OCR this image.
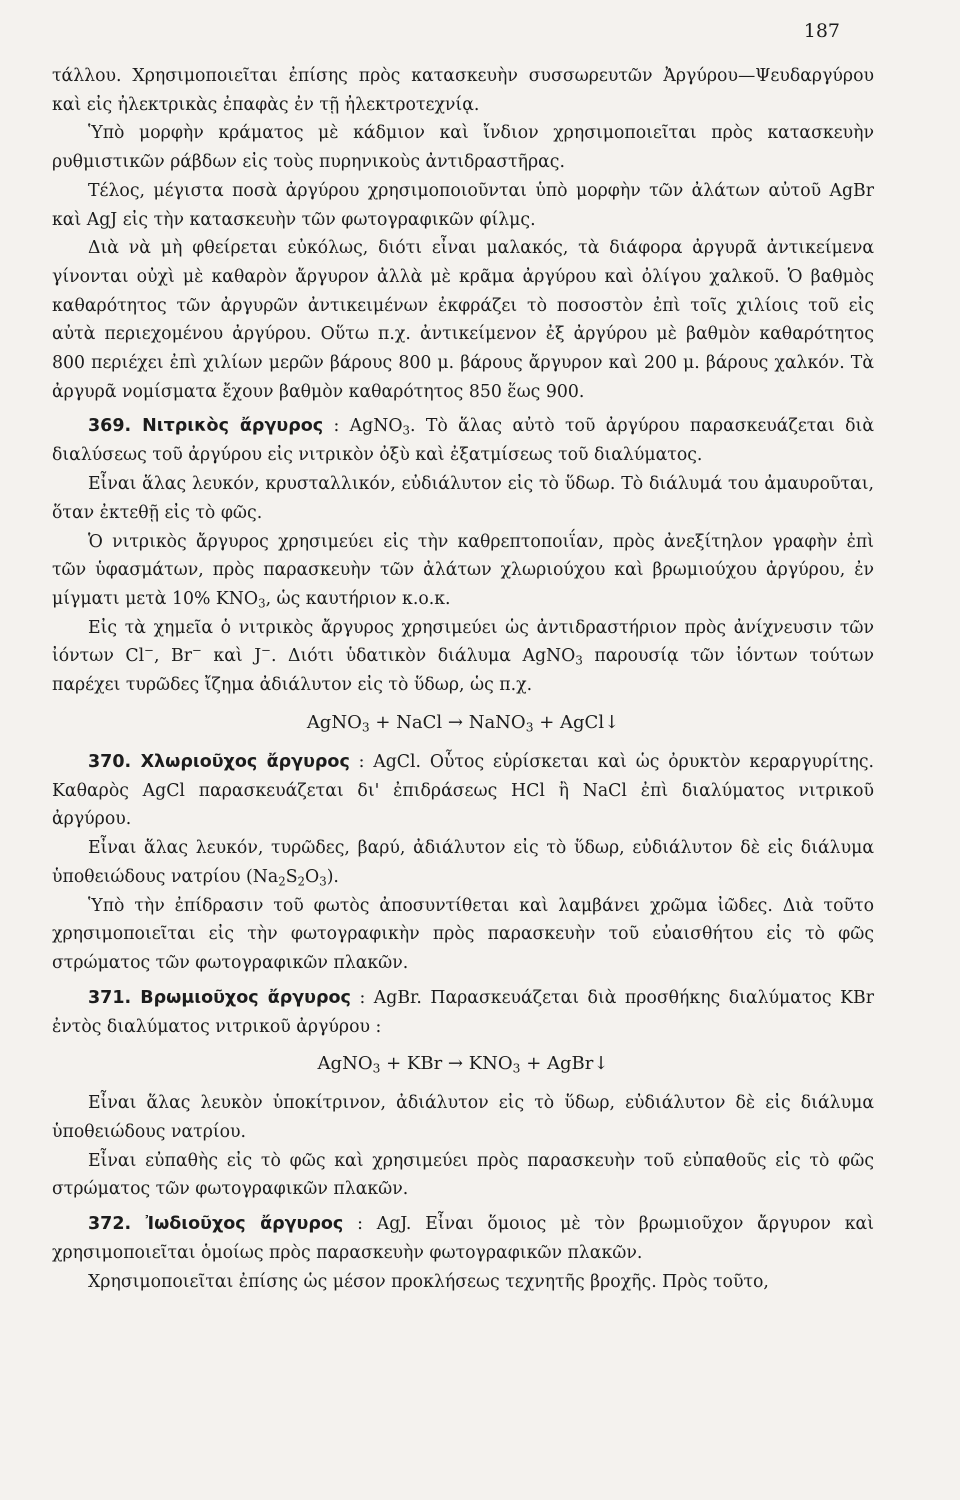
187

τάλλου. Χρησιμοποιεῖται ἐπίσης πρὸς κατασκευὴν συσσωρευτῶν Ἀργύρου—Ψευδαργύρου καὶ εἰς ἠλεκτρικὰς ἐπαφὰς ἐν τῇ ἠλεκτροτεχνίᾳ.

Ὑπὸ μορφὴν κράματος μὲ κάδμιον καὶ ἴνδιον χρησιμοποιεῖται πρὸς κατασκευὴν ρυθμιστικῶν ράβδων εἰς τοὺς πυρηνικοὺς ἀντιδραστῆρας.

Τέλος, μέγιστα ποσὰ ἀργύρου χρησιμοποιοῦνται ὑπὸ μορφὴν τῶν ἀλάτων αὐτοῦ AgBr καὶ AgJ εἰς τὴν κατασκευὴν τῶν φωτογραφικῶν φίλμς.

Διὰ νὰ μὴ φθείρεται εὐκόλως, διότι εἶναι μαλακός, τὰ διάφορα ἀργυρᾶ ἀντικείμενα γίνονται οὐχὶ μὲ καθαρὸν ἄργυρον ἀλλὰ μὲ κρᾶμα ἀργύρου καὶ ὀλίγου χαλκοῦ. Ὁ βαθμὸς καθαρότητος τῶν ἀργυρῶν ἀντικειμένων ἐκφράζει τὸ ποσοστὸν ἐπὶ τοῖς χιλίοις τοῦ εἰς αὐτὰ περιεχομένου ἀργύρου. Οὕτω π.χ. ἀντικείμενον ἐξ ἀργύρου μὲ βαθμὸν καθαρότητος 800 περιέχει ἐπὶ χιλίων μερῶν βάρους 800 μ. βάρους ἄργυρον καὶ 200 μ. βάρους χαλκόν. Τὰ ἀργυρᾶ νομίσματα ἔχουν βαθμὸν καθαρότητος 850 ἕως 900.

369. Νιτρικὸς ἄργυρος : AgNO$_3$. Τὸ ἅλας αὐτὸ τοῦ ἀργύρου παρασκευάζεται διὰ διαλύσεως τοῦ ἀργύρου εἰς νιτρικὸν ὀξὺ καὶ ἐξατμίσεως τοῦ διαλύματος.

Εἶναι ἅλας λευκόν, κρυσταλλικόν, εὐδιάλυτον εἰς τὸ ὕδωρ. Τὸ διάλυμά του ἀμαυροῦται, ὅταν ἐκτεθῇ εἰς τὸ φῶς.

Ὁ νιτρικὸς ἄργυρος χρησιμεύει εἰς τὴν καθρεπτοποιΐαν, πρὸς ἀνεξίτηλον γραφὴν ἐπὶ τῶν ὑφασμάτων, πρὸς παρασκευὴν τῶν ἀλάτων χλωριούχου καὶ βρωμιούχου ἀργύρου, ἐν μίγματι μετὰ 10% $KNO_3$, ὡς καυτήριον κ.ο.κ.

Εἰς τὰ χημεῖα ὁ νιτρικὸς ἄργυρος χρησιμεύει ὡς ἀντιδραστήριον πρὸς ἀνίχνευσιν τῶν ἰόντων Cl−, Br− καὶ J−. Διότι ὑδατικὸν διάλυμα AgNO$_3$ παρουσίᾳ τῶν ἰόντων τούτων παρέχει τυρῶδες ἴζημα ἀδιάλυτον εἰς τὸ ὕδωρ, ὡς π.χ.

AgNO$_3$ + NaCl → NaNO$_3$ + AgCl↓

370. Χλωριοῦχος ἄργυρος : AgCl. Οὗτος εὑρίσκεται καὶ ὡς ὀρυκτὸν κεραργυρίτης. Καθαρὸς AgCl παρασκευάζεται δι' ἐπιδράσεως HCl ἢ NaCl ἐπὶ διαλύματος νιτρικοῦ ἀργύρου.

Εἶναι ἅλας λευκόν, τυρῶδες, βαρύ, ἀδιάλυτον εἰς τὸ ὕδωρ, εὐδιάλυτον δὲ εἰς διάλυμα ὑποθειώδους νατρίου $(Na_2S_2O_3)$.

Ὑπὸ τὴν ἐπίδρασιν τοῦ φωτὸς ἀποσυντίθεται καὶ λαμβάνει χρῶμα ἰῶδες. Διὰ τοῦτο χρησιμοποιεῖται εἰς τὴν φωτογραφικὴν πρὸς παρασκευὴν τοῦ εὐαισθήτου εἰς τὸ φῶς στρώματος τῶν φωτογραφικῶν πλακῶν.

371. Βρωμιοῦχος ἄργυρος : AgBr. Παρασκευάζεται διὰ προσθήκης διαλύματος KBr ἐντὸς διαλύματος νιτρικοῦ ἀργύρου :

AgNO$_3$ + KBr → $KNO_3$ + AgBr↓

Εἶναι ἅλας λευκὸν ὑποκίτρινον, ἀδιάλυτον εἰς τὸ ὕδωρ, εὐδιάλυτον δὲ εἰς διάλυμα ὑποθειώδους νατρίου.

Εἶναι εὐπαθὴς εἰς τὸ φῶς καὶ χρησιμεύει πρὸς παρασκευὴν τοῦ εὐπαθοῦς εἰς τὸ φῶς στρώματος τῶν φωτογραφικῶν πλακῶν.

372. Ἰωδιοῦχος ἄργυρος : AgJ. Εἶναι ὅμοιος μὲ τὸν βρωμιοῦχον ἄργυρον καὶ χρησιμοποιεῖται ὁμοίως πρὸς παρασκευὴν φωτογραφικῶν πλακῶν.

Χρησιμοποιεῖται ἐπίσης ὡς μέσον προκλήσεως τεχνητῆς βροχῆς. Πρὸς τοῦτο,
